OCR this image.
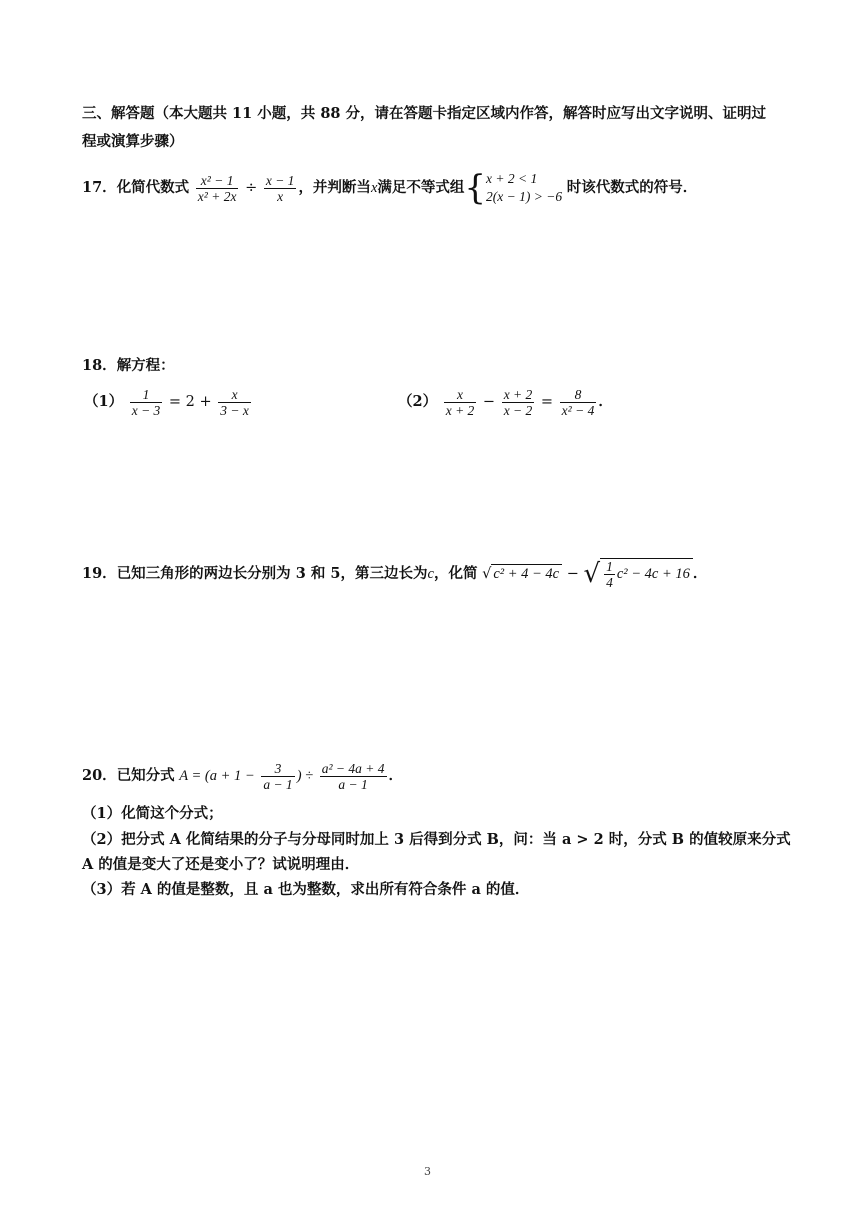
三、解答题（本大题共 11 小题，共 88 分，请在答题卡指定区域内作答，解答时应写出文字说明、证明过
程或演算步骤）
17．化简代数式 $\frac{\text{x² − 1}}{\text{x² + 2x}} \div \frac{x - 1}{x}$ ，并判断当x满足不等式组{ x + 2 < 1
2(x − 1) > −6
时该代数式的符号．
18．解方程：
$(1) \frac{1}{x - 3} = 2 + \frac{x}{3 - x}$	$(2) \frac{x}{x + 2} - \frac{x + 2}{x - 2} = \frac{8}{\text{x² − 4}}$ ．
19．已知三角形的两边长分别为 3 和 5，第三边长为c，化简 √ c² + 4 − 4c − √ $\frac{1}{4} c^2 - 4c + 16$ ．
20．已知分式 $A = (a + 1 - \frac{3}{a - 1}$ ) ÷ $\frac{\text{a² − 4a + 4}}{a - 1}$ ．
（1）化简这个分式；
（2）把分式 A 化简结果的分子与分母同时加上 3 后得到分式 B，问：当 a > 2 时，分式 B 的值较原来分式
A 的值是变大了还是变小了？试说明理由．
（3）若 A 的值是整数，且 a 也为整数，求出所有符合条件 a 的值．
3
